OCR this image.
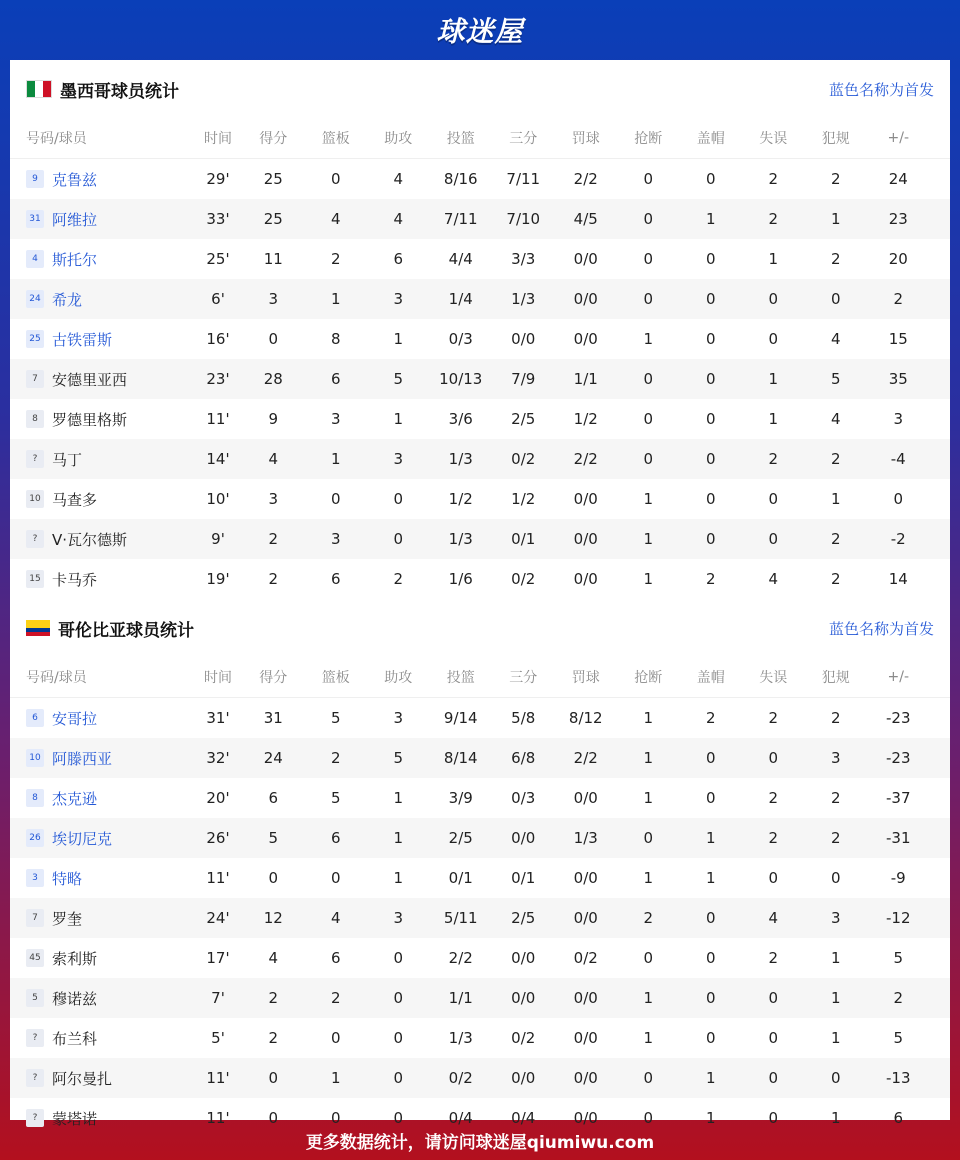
球迷屋
墨西哥球员统计	蓝色名称为首发
号码/球员	时间	得分	篮板	助攻	投篮	三分	罚球	抢断	盖帽	失误	犯规	+/-
9 克鲁兹	29'	25	0	4	8/16	7/11	2/2	0	0	2	2	24
31 阿维拉	33'	25	4	4	7/11	7/10	4/5	0	1	2	1	23
4 斯托尔	25'	11	2	6	4/4	3/3	0/0	0	0	1	2	20
24 希龙	6'	3	1	3	1/4	1/3	0/0	0	0	0	0	2
25 古铁雷斯	16'	0	8	1	0/3	0/0	0/0	1	0	0	4	15
7 安德里亚西	23'	28	6	5	10/13	7/9	1/1	0	0	1	5	35
8 罗德里格斯	11'	9	3	1	3/6	2/5	1/2	0	0	1	4	3
? 马丁	14'	4	1	3	1/3	0/2	2/2	0	0	2	2	-4
10 马查多	10'	3	0	0	1/2	1/2	0/0	1	0	0	1	0
? V·瓦尔德斯	9'	2	3	0	1/3	0/1	0/0	1	0	0	2	-2
15 卡马乔	19'	2	6	2	1/6	0/2	0/0	1	2	4	2	14
哥伦比亚球员统计	蓝色名称为首发
号码/球员	时间	得分	篮板	助攻	投篮	三分	罚球	抢断	盖帽	失误	犯规	+/-
6 安哥拉	31'	31	5	3	9/14	5/8	8/12	1	2	2	2	-23
10 阿滕西亚	32'	24	2	5	8/14	6/8	2/2	1	0	0	3	-23
8 杰克逊	20'	6	5	1	3/9	0/3	0/0	1	0	2	2	-37
26 埃切尼克	26'	5	6	1	2/5	0/0	1/3	0	1	2	2	-31
3 特略	11'	0	0	1	0/1	0/1	0/0	1	1	0	0	-9
7 罗奎	24'	12	4	3	5/11	2/5	0/0	2	0	4	3	-12
45 索利斯	17'	4	6	0	2/2	0/0	0/2	0	0	2	1	5
5 穆诺兹	7'	2	2	0	1/1	0/0	0/0	1	0	0	1	2
? 布兰科	5'	2	0	0	1/3	0/2	0/0	1	0	0	1	5
? 阿尔曼扎	11'	0	1	0	0/2	0/0	0/0	0	1	0	0	-13
? 蒙塔诺	11'	0	0	0	0/4	0/4	0/0	0	1	0	1	6
更多数据统计，请访问球迷屋qiumiwu.com
